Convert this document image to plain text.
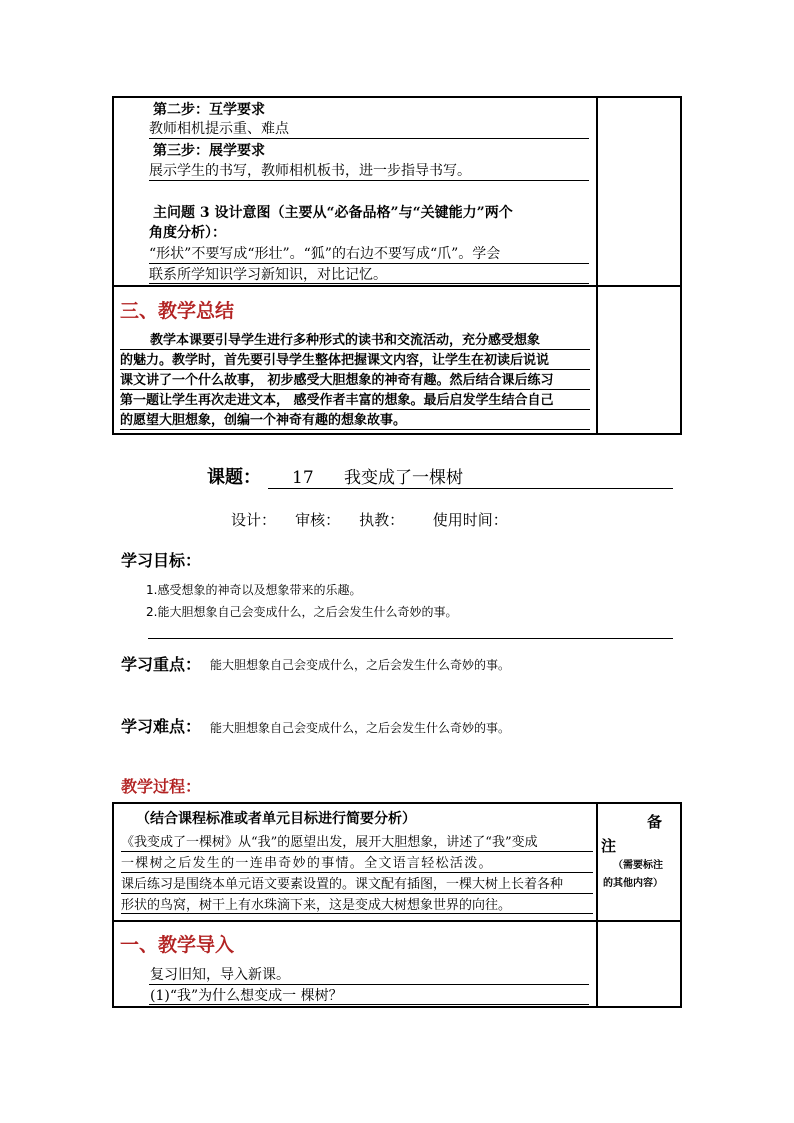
第二步：互学要求
教师相机提示重、难点
第三步：展学要求
展示学生的书写，教师相机板书，进一步指导书写。
主问题 3 设计意图（主要从“必备品格”与“关键能力”两个
角度分析）：
“形状”不要写成“形壮”。“狐”的右边不要写成“爪”。学会
联系所学知识学习新知识，对比记忆。
三、教学总结
教学本课要引导学生进行多种形式的读书和交流活动，充分感受想象
的魅力。教学时，首先要引导学生整体把握课文内容，让学生在初读后说说
课文讲了一个什么故事， 初步感受大胆想象的神奇有趣。然后结合课后练习
第一题让学生再次走进文本， 感受作者丰富的想象。最后启发学生结合自己
的愿望大胆想象，创编一个神奇有趣的想象故事。
课题： 17 我变成了一棵树
设计：    审核：    执教：      使用时间：
学习目标：
1.感受想象的神奇以及想象带来的乐趣。
2.能大胆想象自己会变成什么，之后会发生什么奇妙的事。
学习重点： 能大胆想象自己会变成什么，之后会发生什么奇妙的事。
学习难点： 能大胆想象自己会变成什么，之后会发生什么奇妙的事。
教学过程：
（结合课程标准或者单元目标进行简要分析）
《我变成了一棵树》从“我”的愿望出发，展开大胆想象，讲述了“我”变成
一棵树之后发生的一连串奇妙的事情。全文语言轻松活泼。
课后练习是围绕本单元语文要素设置的。课文配有插图，一棵大树上长着各种
形状的鸟窝，树干上有水珠滴下来，这是变成大树想象世界的向往。
备
注
（需要标注
的其他内容）
一、教学导入
复习旧知，导入新课。
(1)“我”为什么想变成一 棵树？
